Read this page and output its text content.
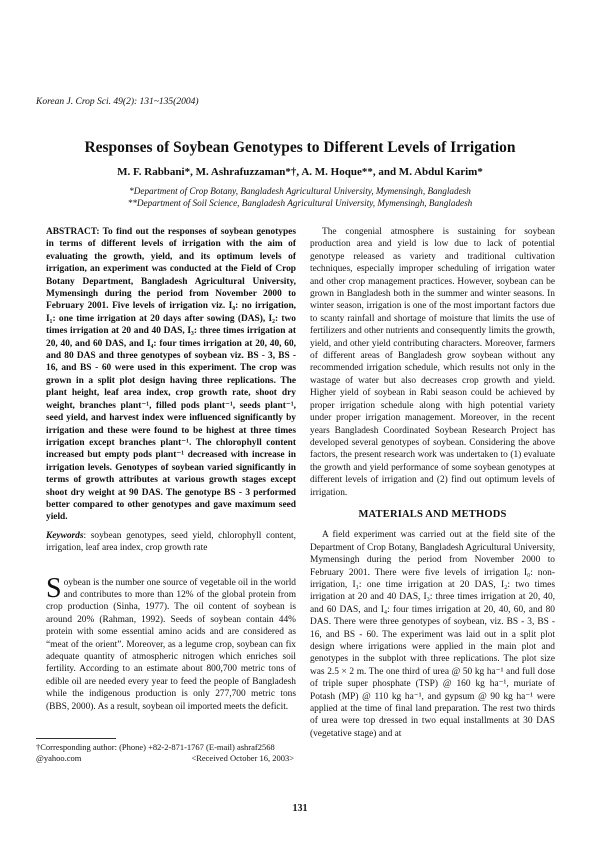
Korean J. Crop Sci. 49(2): 131~135(2004)
Responses of Soybean Genotypes to Different Levels of Irrigation
M. F. Rabbani*, M. Ashrafuzzaman*†, A. M. Hoque**, and M. Abdul Karim*
*Department of Crop Botany, Bangladesh Agricultural University, Mymensingh, Bangladesh
**Department of Soil Science, Bangladesh Agricultural University, Mymensingh, Bangladesh

ABSTRACT: To find out the responses of soybean genotypes in terms of different levels of irrigation with the aim of evaluating the growth, yield, and its optimum levels of irrigation, an experiment was conducted at the Field of Crop Botany Department, Bangladesh Agricultural University, Mymensingh during the period from November 2000 to February 2001. Five levels of irrigation viz. I₀: no irrigation, I₁: one time irrigation at 20 days after sowing (DAS), I₂: two times irrigation at 20 and 40 DAS, I₃: three times irrigation at 20, 40, and 60 DAS, and I₄: four times irrigation at 20, 40, 60, and 80 DAS and three genotypes of soybean viz. BS - 3, BS - 16, and BS - 60 were used in this experiment. The crop was grown in a split plot design having three replications. The plant height, leaf area index, crop growth rate, shoot dry weight, branches plant⁻¹, filled pods plant⁻¹, seeds plant⁻¹, seed yield, and harvest index were influenced significantly by irrigation and these were found to be highest at three times irrigation except branches plant⁻¹. The chlorophyll content increased but empty pods plant⁻¹ decreased with increase in irrigation levels. Genotypes of soybean varied significantly in terms of growth attributes at various growth stages except shoot dry weight at 90 DAS. The genotype BS - 3 performed better compared to other genotypes and gave maximum seed yield.

Keywords: soybean genotypes, seed yield, chlorophyll content, irrigation, leaf area index, crop growth rate

Soybean is the number one source of vegetable oil in the world and contributes to more than 12% of the global protein from crop production (Sinha, 1977). The oil content of soybean is around 20% (Rahman, 1992). Seeds of soybean contain 44% protein with some essential amino acids and are considered as “meat of the orient”. Moreover, as a legume crop, soybean can fix adequate quantity of atmospheric nitrogen which enriches soil fertility. According to an estimate about 800,700 metric tons of edible oil are needed every year to feed the people of Bangladesh while the indigenous production is only 277,700 metric tons (BBS, 2000). As a result, soybean oil imported meets the deficit.

The congenial atmosphere is sustaining for soybean production area and yield is low due to lack of potential genotype released as variety and traditional cultivation techniques, especially improper scheduling of irrigation water and other crop management practices. However, soybean can be grown in Bangladesh both in the summer and winter seasons. In winter season, irrigation is one of the most important factors due to scanty rainfall and shortage of moisture that limits the use of fertilizers and other nutrients and consequently limits the growth, yield, and other yield contributing characters. Moreover, farmers of different areas of Bangladesh grow soybean without any recommended irrigation schedule, which results not only in the wastage of water but also decreases crop growth and yield. Higher yield of soybean in Rabi season could be achieved by proper irrigation schedule along with high potential variety under proper irrigation management. Moreover, in the recent years Bangladesh Coordinated Soybean Research Project has developed several genotypes of soybean. Considering the above factors, the present research work was undertaken to (1) evaluate the growth and yield performance of some soybean genotypes at different levels of irrigation and (2) find out optimum levels of irrigation.

MATERIALS AND METHODS

A field experiment was carried out at the field site of the Department of Crop Botany, Bangladesh Agricultural University, Mymensingh during the period from November 2000 to February 2001. There were five levels of irrigation I₀: non- irrigation, I₁: one time irrigation at 20 DAS, I₂: two times irrigation at 20 and 40 DAS, I₃: three times irrigation at 20, 40, and 60 DAS, and I₄: four times irrigation at 20, 40, 60, and 80 DAS. There were three genotypes of soybean, viz. BS - 3, BS - 16, and BS - 60. The experiment was laid out in a split plot design where irrigations were applied in the main plot and genotypes in the subplot with three replications. The plot size was 2.5 × 2 m. The one third of urea @ 50 kg ha⁻¹ and full dose of triple super phosphate (TSP) @ 160 kg ha⁻¹, muriate of Potash (MP) @ 110 kg ha⁻¹, and gypsum @ 90 kg ha⁻¹ were applied at the time of final land preparation. The rest two thirds of urea were top dressed in two equal installments at 30 DAS (vegetative stage) and at

†Corresponding author: (Phone) +82-2-871-1767 (E-mail) ashraf2568
@yahoo.com	<Received October 16, 2003>
131
